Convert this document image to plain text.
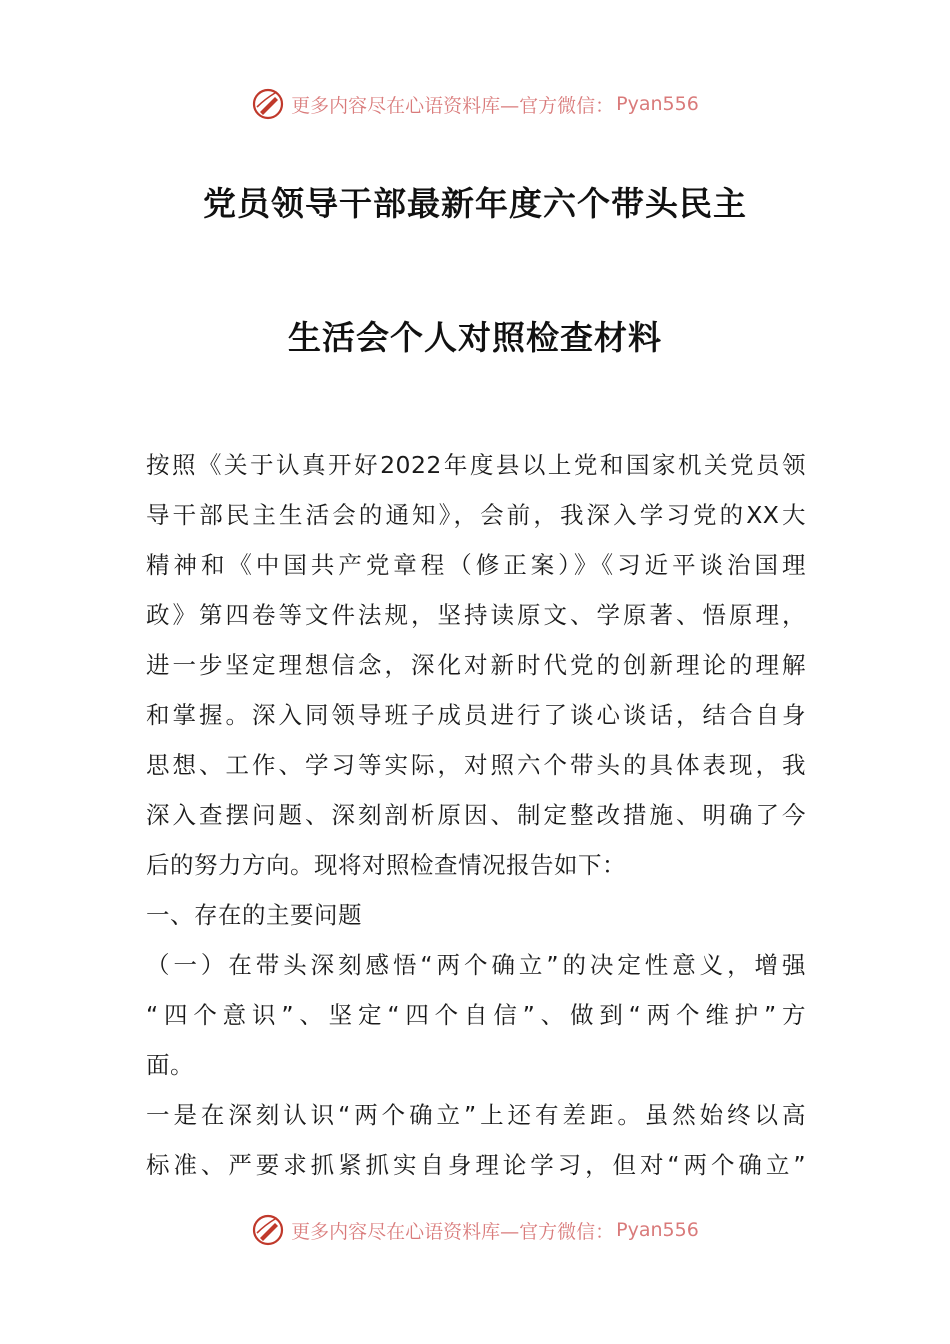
更多内容尽在心语资料库—官方微信： Pyan556
党员领导干部最新年度六个带头民主
生活会个人对照检查材料
按照《关于认真开好2022年度县以上党和国家机关党员领
导干部民主生活会的通知》，会前，我深入学习党的XX大
精神和《中国共产党章程（修正案）》《习近平谈治国理
政》第四卷等文件法规，坚持读原文、学原著、悟原理，
进一步坚定理想信念，深化对新时代党的创新理论的理解
和掌握。深入同领导班子成员进行了谈心谈话，结合自身
思想、工作、学习等实际，对照六个带头的具体表现，我
深入查摆问题、深刻剖析原因、制定整改措施、明确了今
后的努力方向。现将对照检查情况报告如下：
一、存在的主要问题
（一）在带头深刻感悟“两个确立”的决定性意义，增强
“四个意识”、坚定“四个自信”、做到“两个维护”方
面。
一是在深刻认识“两个确立”上还有差距。虽然始终以高
标准、严要求抓紧抓实自身理论学习，但对“两个确立”
更多内容尽在心语资料库—官方微信： Pyan556
